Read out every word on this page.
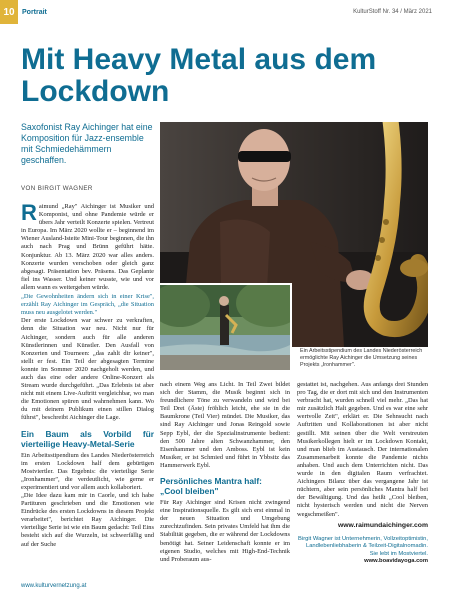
10	Portrait	KulturStoff Nr. 34 / März 2021
Mit Heavy Metal aus dem Lockdown
Saxofonist Ray Aichinger hat eine Komposition für Jazz-ensemble mit Schmiedehämmern geschaffen.
VON BIRGIT WAGNER

Raimund „Ray" Aichinger ist Musiker und Komponist, und ohne Pandemie würde er übers Jahr verteilt Konzerte spielen. Vertreut in Europa. Im März 2020 wollte er – beginnend im Wiener Ausland-Isteite Mini-Tour beginnen, die ihn auch nach Prag und Brünn geführt hätte. Konjunktur. Ab 13. März 2020 war alles anders. Konzerte wurden verschoben oder gleich ganz abgesagt. Präsentation bev. Präsens. Das Geplante fiel ins Wasser. Und keiner wusste, wie und vor allem wann es weitergehen würde.

„Die Gewohnheiten ändern sich in einer Krise", erzählt Ray Aichinger im Gespräch, „die Situation muss neu ausgelotet werden."

Der erste Lockdown war schwer zu verkraften, denn die Situation war neu. Nicht nur für Aichinger, sondern auch für alle anderen Künstlerinnen und Künstler. Den Ausfall von Konzerten und Tourneen: „das zahlt dir keiner", stellt er fest. Ein Teil der abgesagten Termine konnte im Sommer 2020 nachgeholt werden, und auch das eine oder andere Online-Konzert als Stream wurde durchgeführt. „Das Erlebnis ist aber nicht mit einem Live-Auftritt vergleichbar, wo man die Emotionen spüren und wahrnehmen kann. Wo du mit deinem Publikum einen stillen Dialog führst", beschreibt Aichinger die Lage.

Ein Baum als Vorbild für vierteilige Heavy-Metal-Serie

Ein Arbeitsstipendium des Landes Niederösterreich im ersten Lockdown half dem gebürtigen Mostviertler. Das Ergebnis: die vierteilige Serie „Ironhammer", die verdeutlicht, wie gerne er experimentiert und vor allem auch kollaboriert.

„Die Idee dazu kam mir in Caorle, und ich habe Partituren geschrieben und die Emotionen wie Eindrücke des ersten Lockdowns in diesem Projekt verarbeitet", berichtet Ray Aichinger. Die vierteilige Serie ist wie ein Baum gedacht: Teil Eins besteht sich auf die Wurzeln, ist schwerfällig und auf der Suche

Ein Arbeitsstipendium des Landes Niederösterreich ermöglichte Ray Aichinger die Umsetzung seines Projekts „Ironhammer".

nach einem Weg ans Licht. In Teil Zwei bildet sich der Stamm, die Musik beginnt sich in freundlichere Töne zu verwandeln und wird bei Teil Drei (Äste) fröhlich leicht, ehe sie in die Baumkrone (Teil Vier) mündet. Die Musiker, das sind Ray Aichinger und Jonas Reingold sowie Sepp Eybl, der die Spezialinstrumente bedient: den 500 Jahre alten Schwanzhammer, den Eisenhammer und den Amboss. Eybl ist kein Musiker, er ist Schmied und führt in Ybbsitz das Hammerwerk Eybl.

Persönliches Mantra half:
„Cool bleiben"

Für Ray Aichinger sind Krisen nicht zwingend eine Inspirationsquelle. Es gilt sich erst einmal in der neuen Situation und Umgebung zurechtzufinden. Sein privates Umfeld hat ihm die Stabilität gegeben, die er während der Lockdowns benötigt hat. Seiner Leidenschaft konnte er im eigenen Studio, welches mit High-End-Technik und Proberaum aus-

gestattet ist, nachgehen. Aus anfangs drei Stunden pro Tag, die er dort mit sich und den Instrumenten verbracht hat, wurden schnell viel mehr. „Das hat mir zusätzlich Halt gegeben. Und es war eine sehr wertvolle Zeit", erklärt er. Die Sehnsucht nach Auftritten und Kollaborationen ist aber nicht gestillt. Mit seinen über die Welt verstreuten Musikerkollegen hielt er im Lockdown Kontakt, und man blieb im Austausch. Der internationalen Zusammenarbeit konnte die Pandemie nichts anhaben. Und auch dem Unterrichten nicht. Das wurde in den digitalen Raum verfrachtet. Aichingers Bilanz über das vergangene Jahr ist nüchtern, aber sein persönliches Mantra half bei der Bewältigung. Und das heißt „Cool bleiben, nicht hysterisch werden und nicht die Nerven wegschmeißen".

www.raimundaichinger.com

Birgit Wagner ist Unternehmerin, Vollzeitoptimistin, Landlebenliebhaberin & Teilzeit-Digitalnomadin. Sie lebt im Mostviertel.
www.boavidayoga.com

www.kulturvernetzung.at
